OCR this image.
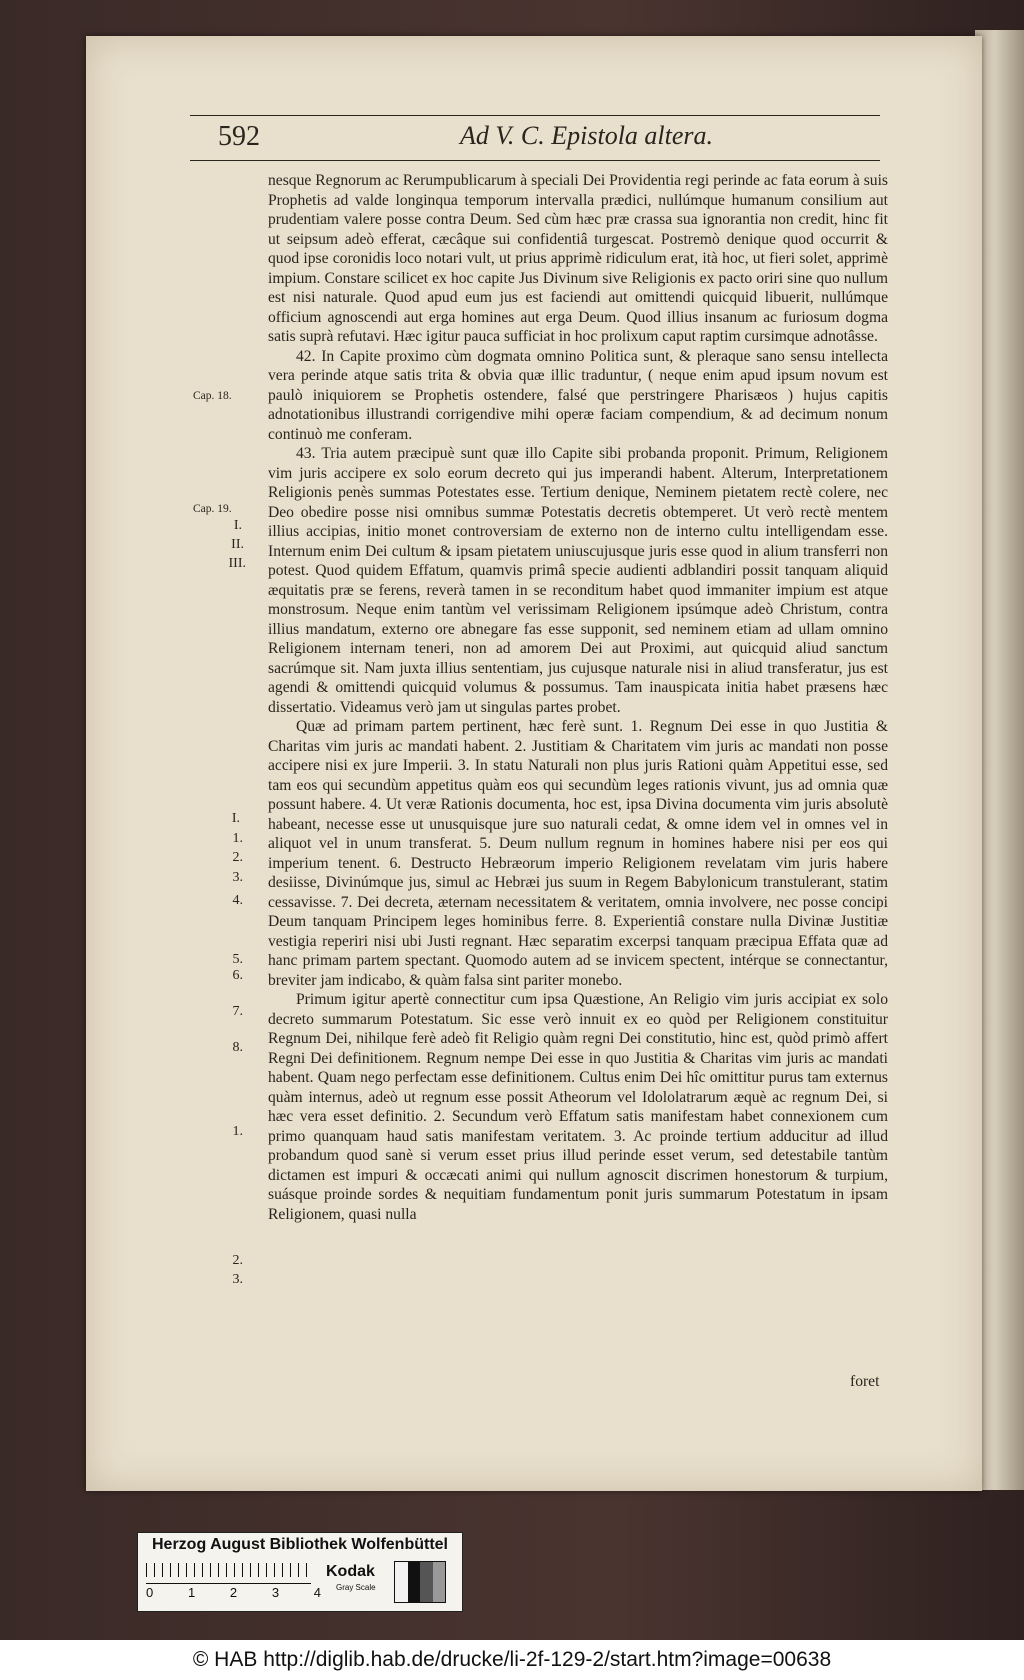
592	Ad V. C. Epistola altera.

nesque Regnorum ac Rerumpublicarum à speciali Dei Providentia regi perinde ac fata eorum à suis Prophetis ad valde longinqua temporum intervalla prædici, nullúmque humanum consilium aut prudentiam valere posse contra Deum. Sed cùm hæc præ crassa sua ignorantia non credit, hinc fit ut seipsum adeò efferat, cæcâque sui confidentiâ turgescat. Postremò denique quod occurrit & quod ipse coronidis loco notari vult, ut prius apprimè ridiculum erat, ità hoc, ut fieri solet, apprimè impium. Constare scilicet ex hoc capite Jus Divinum sive Religionis ex pacto oriri sine quo nullum est nisi naturale. Quod apud eum jus est faciendi aut omittendi quicquid libuerit, nullúmque officium agnoscendi aut erga homines aut erga Deum. Quod illius insanum ac furiosum dogma satis suprà refutavi. Hæc igitur pauca sufficiat in hoc prolixum caput raptim cursimque adnotâsse.

42. In Capite proximo cùm dogmata omnino Politica sunt, & pleraque sano sensu intellecta vera perinde atque satis trita & obvia quæ illic traduntur, ( neque enim apud ipsum novum est paulò iniquiorem se Prophetis ostendere, falsé que perstringere Pharisæos ) hujus capitis adnotationibus illustrandi corrigendive mihi operæ faciam compendium, & ad decimum nonum continuò me conferam.

43. Tria autem præcipuè sunt quæ illo Capite sibi probanda proponit. Primum, Religionem vim juris accipere ex solo eorum decreto qui jus imperandi habent. Alterum, Interpretationem Religionis penès summas Potestates esse. Tertium denique, Neminem pietatem rectè colere, nec Deo obedire posse nisi omnibus summæ Potestatis decretis obtemperet. Ut verò rectè mentem illius accipias, initio monet controversiam de externo non de interno cultu intelligendam esse. Internum enim Dei cultum & ipsam pietatem uniuscujusque juris esse quod in alium transferri non potest. Quod quidem Effatum, quamvis primâ specie audienti adblandiri possit tanquam aliquid æquitatis præ se ferens, reverà tamen in se reconditum habet quod immaniter impium est atque monstrosum. Neque enim tantùm vel verissimam Religionem ipsúmque adeò Christum, contra illius mandatum, externo ore abnegare fas esse supponit, sed neminem etiam ad ullam omnino Religionem internam teneri, non ad amorem Dei aut Proximi, aut quicquid aliud sanctum sacrúmque sit. Nam juxta illius sententiam, jus cujusque naturale nisi in aliud transferatur, jus est agendi & omittendi quicquid volumus & possumus. Tam inauspicata initia habet præsens hæc dissertatio. Videamus verò jam ut singulas partes probet.

Quæ ad primam partem pertinent, hæc ferè sunt. 1. Regnum Dei esse in quo Justitia & Charitas vim juris ac mandati habent. 2. Justitiam & Charitatem vim juris ac mandati non posse accipere nisi ex jure Imperii. 3. In statu Naturali non plus juris Rationi quàm Appetitui esse, sed tam eos qui secundùm appetitus quàm eos qui secundùm leges rationis vivunt, jus ad omnia quæ possunt habere. 4. Ut veræ Rationis documenta, hoc est, ipsa Divina documenta vim juris absolutè habeant, necesse esse ut unusquisque jure suo naturali cedat, & omne idem vel in omnes vel in aliquot vel in unum transferat. 5. Deum nullum regnum in homines habere nisi per eos qui imperium tenent. 6. Destructo Hebræorum imperio Religionem revelatam vim juris habere desiisse, Divinúmque jus, simul ac Hebræi jus suum in Regem Babylonicum transtulerant, statim cessavisse. 7. Dei decreta, æternam necessitatem & veritatem, omnia involvere, nec posse concipi Deum tanquam Principem leges hominibus ferre. 8. Experientiâ constare nulla Divinæ Justitiæ vestigia reperiri nisi ubi Justi regnant. Hæc separatim excerpsi tanquam præcipua Effata quæ ad hanc primam partem spectant. Quomodo autem ad se invicem spectent, intérque se connectantur, breviter jam indicabo, & quàm falsa sint pariter monebo.

Primum igitur apertè connectitur cum ipsa Quæstione, An Religio vim juris accipiat ex solo decreto summarum Potestatum. Sic esse verò innuit ex eo quòd per Religionem constituitur Regnum Dei, nihilque ferè adeò fit Religio quàm regni Dei constitutio, hinc est, quòd primò affert Regni Dei definitionem. Regnum nempe Dei esse in quo Justitia & Charitas vim juris ac mandati habent. Quam nego perfectam esse definitionem. Cultus enim Dei hîc omittitur purus tam externus quàm internus, adeò ut regnum esse possit Atheorum vel Idololatrarum æquè ac regnum Dei, si hæc vera esset definitio. 2. Secundum verò Effatum satis manifestam habet connexionem cum primo quanquam haud satis manifestam veritatem. 3. Ac proinde tertium adducitur ad illud probandum quod sanè si verum esset prius illud perinde esset verum, sed detestabile tantùm dictamen est impuri & occæcati animi qui nullum agnoscit discrimen honestorum & turpium, suásque proinde sordes & nequitiam fundamentum ponit juris summarum Potestatum in ipsam Religionem, quasi nulla

foret
Cap. 18.
Cap. 19.
I.
II.
III.
I.
1.
2.
3.
4.
5.
6.
7.
8.
1.
2.
3.
Herzog August Bibliothek Wolfenbüttel
0	1	2	3	4
Kodak
Gray Scale
© HAB http://diglib.hab.de/drucke/li-2f-129-2/start.htm?image=00638
